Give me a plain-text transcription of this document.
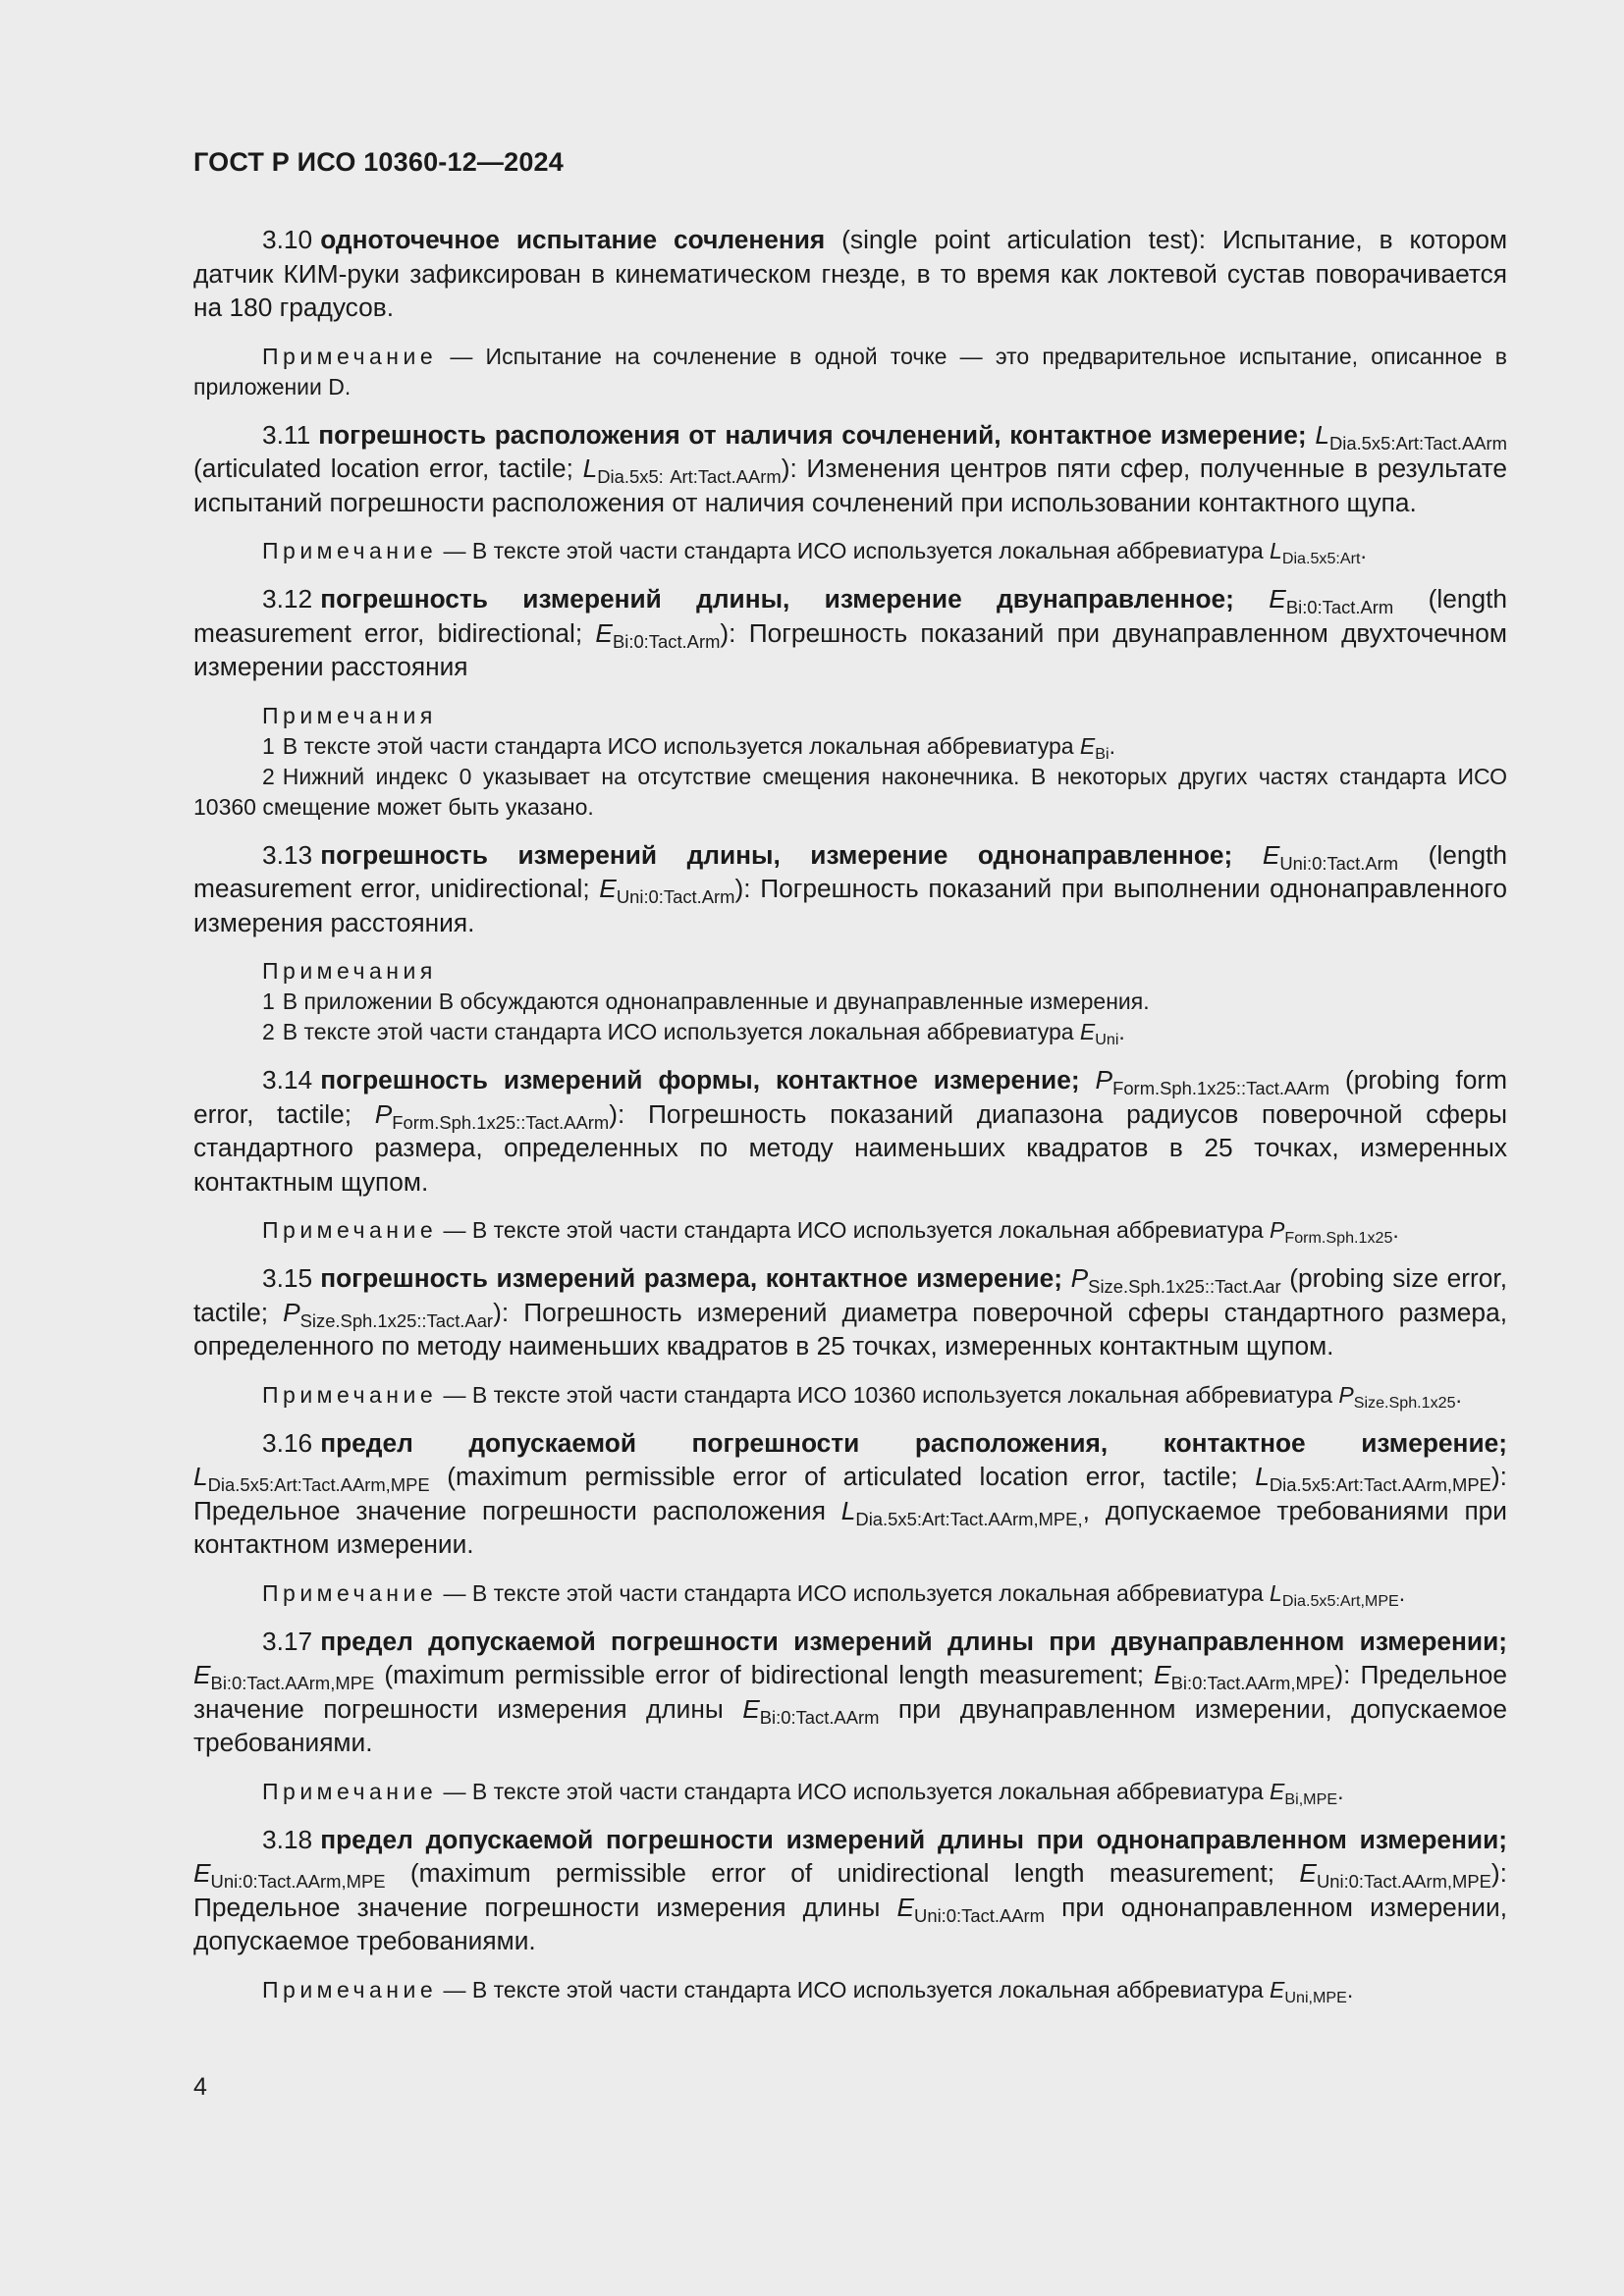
ГОСТ Р ИСО 10360-12—2024

3.10 одноточечное испытание сочленения (single point articulation test): Испытание, в котором датчик КИМ-руки зафиксирован в кинематическом гнезде, в то время как локтевой сустав поворачивается на 180 градусов.

Примечание — Испытание на сочленение в одной точке — это предварительное испытание, описанное в приложении D.

3.11 погрешность расположения от наличия сочленений, контактное измерение; $L_{Dia.5x5:Art:Tact.AArm}$ (articulated location error, tactile; $L_{Dia.5x5: Art:Tact.AArm}$): Изменения центров пяти сфер, полученные в результате испытаний погрешности расположения от наличия сочленений при использовании контактного щупа.

Примечание — В тексте этой части стандарта ИСО используется локальная аббревиатура $L_{Dia.5x5:Art}$.

3.12 погрешность измерений длины, измерение двунаправленное; $E_{Bi:0:Tact.Arm}$ (length measurement error, bidirectional; $E_{Bi:0:Tact.Arm}$): Погрешность показаний при двунаправленном двухточечном измерении расстояния

Примечания
1 В тексте этой части стандарта ИСО используется локальная аббревиатура $E_{Bi}$.
2 Нижний индекс 0 указывает на отсутствие смещения наконечника. В некоторых других частях стандарта ИСО 10360 смещение может быть указано.

3.13 погрешность измерений длины, измерение однонаправленное; $E_{Uni:0:Tact.Arm}$ (length measurement error, unidirectional; $E_{Uni:0:Tact.Arm}$): Погрешность показаний при выполнении однонаправленного измерения расстояния.

Примечания
1 В приложении B обсуждаются однонаправленные и двунаправленные измерения.
2 В тексте этой части стандарта ИСО используется локальная аббревиатура $E_{Uni}$.

3.14 погрешность измерений формы, контактное измерение; $P_{Form.Sph.1x25::Tact.AArm}$ (probing form error, tactile; $P_{Form.Sph.1x25::Tact.AArm}$): Погрешность показаний диапазона радиусов поверочной сферы стандартного размера, определенных по методу наименьших квадратов в 25 точках, измеренных контактным щупом.

Примечание — В тексте этой части стандарта ИСО используется локальная аббревиатура $P_{Form.Sph.1x25}$.

3.15 погрешность измерений размера, контактное измерение; $P_{Size.Sph.1x25::Tact.Aar}$ (probing size error, tactile; $P_{Size.Sph.1x25::Tact.Aar}$): Погрешность измерений диаметра поверочной сферы стандартного размера, определенного по методу наименьших квадратов в 25 точках, измеренных контактным щупом.

Примечание — В тексте этой части стандарта ИСО 10360 используется локальная аббревиатура $P_{Size.Sph.1x25}$.

3.16 предел допускаемой погрешности расположения, контактное измерение; $L_{Dia.5x5:Art:Tact.AArm,MPE}$ (maximum permissible error of articulated location error, tactile; $L_{Dia.5x5:Art:Tact.AArm,MPE}$): Предельное значение погрешности расположения $L_{Dia.5x5:Art:Tact.AArm,MPE,}$, допускаемое требованиями при контактном измерении.

Примечание — В тексте этой части стандарта ИСО используется локальная аббревиатура $L_{Dia.5x5:Art,MPE}$.

3.17 предел допускаемой погрешности измерений длины при двунаправленном измерении; $E_{Bi:0:Tact.AArm,MPE}$ (maximum permissible error of bidirectional length measurement; $E_{Bi:0:Tact.AArm,MPE}$): Предельное значение погрешности измерения длины $E_{Bi:0:Tact.AArm}$ при двунаправленном измерении, допускаемое требованиями.

Примечание — В тексте этой части стандарта ИСО используется локальная аббревиатура $E_{Bi,MPE}$.

3.18 предел допускаемой погрешности измерений длины при однонаправленном измерении; $E_{Uni:0:Tact.AArm,MPE}$ (maximum permissible error of unidirectional length measurement; $E_{Uni:0:Tact.AArm,MPE}$): Предельное значение погрешности измерения длины $E_{Uni:0:Tact.AArm}$ при однонаправленном измерении, допускаемое требованиями.

Примечание — В тексте этой части стандарта ИСО используется локальная аббревиатура $E_{Uni,MPE}$.

4
